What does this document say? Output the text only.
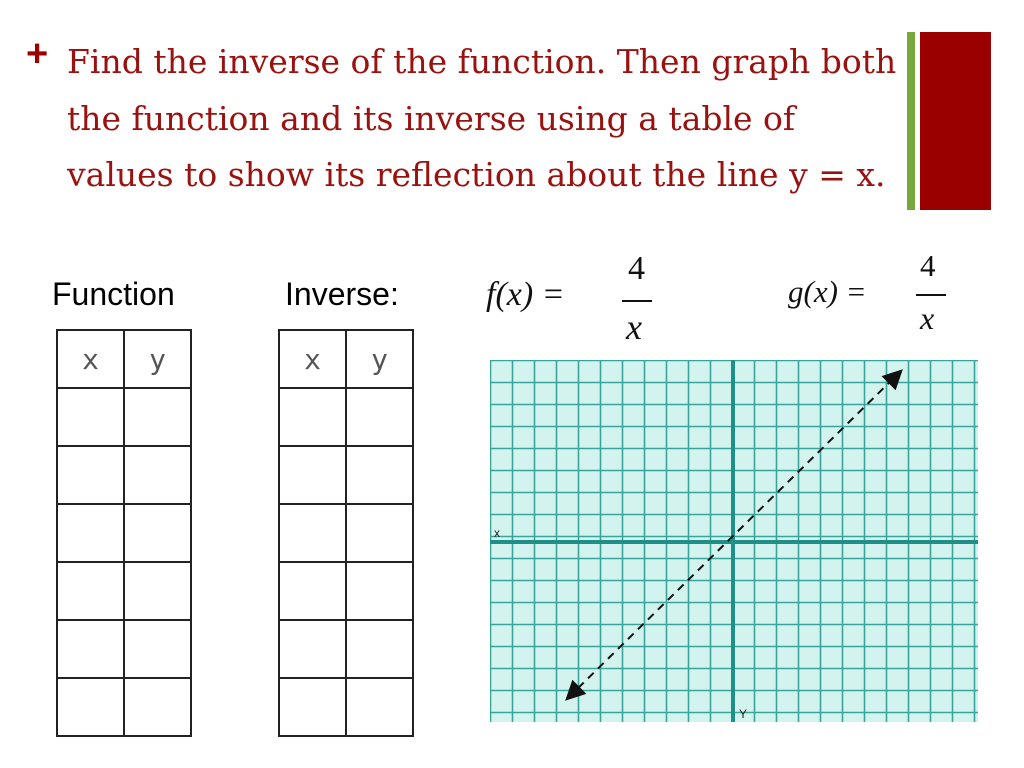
+ Find the inverse of the function. Then graph both the function and its inverse using a table of values to show its reflection about the line y = x.

Function	Inverse:
x	y

		x	y

f(x) =
4
x
g(x) =
4
x
x
Y
